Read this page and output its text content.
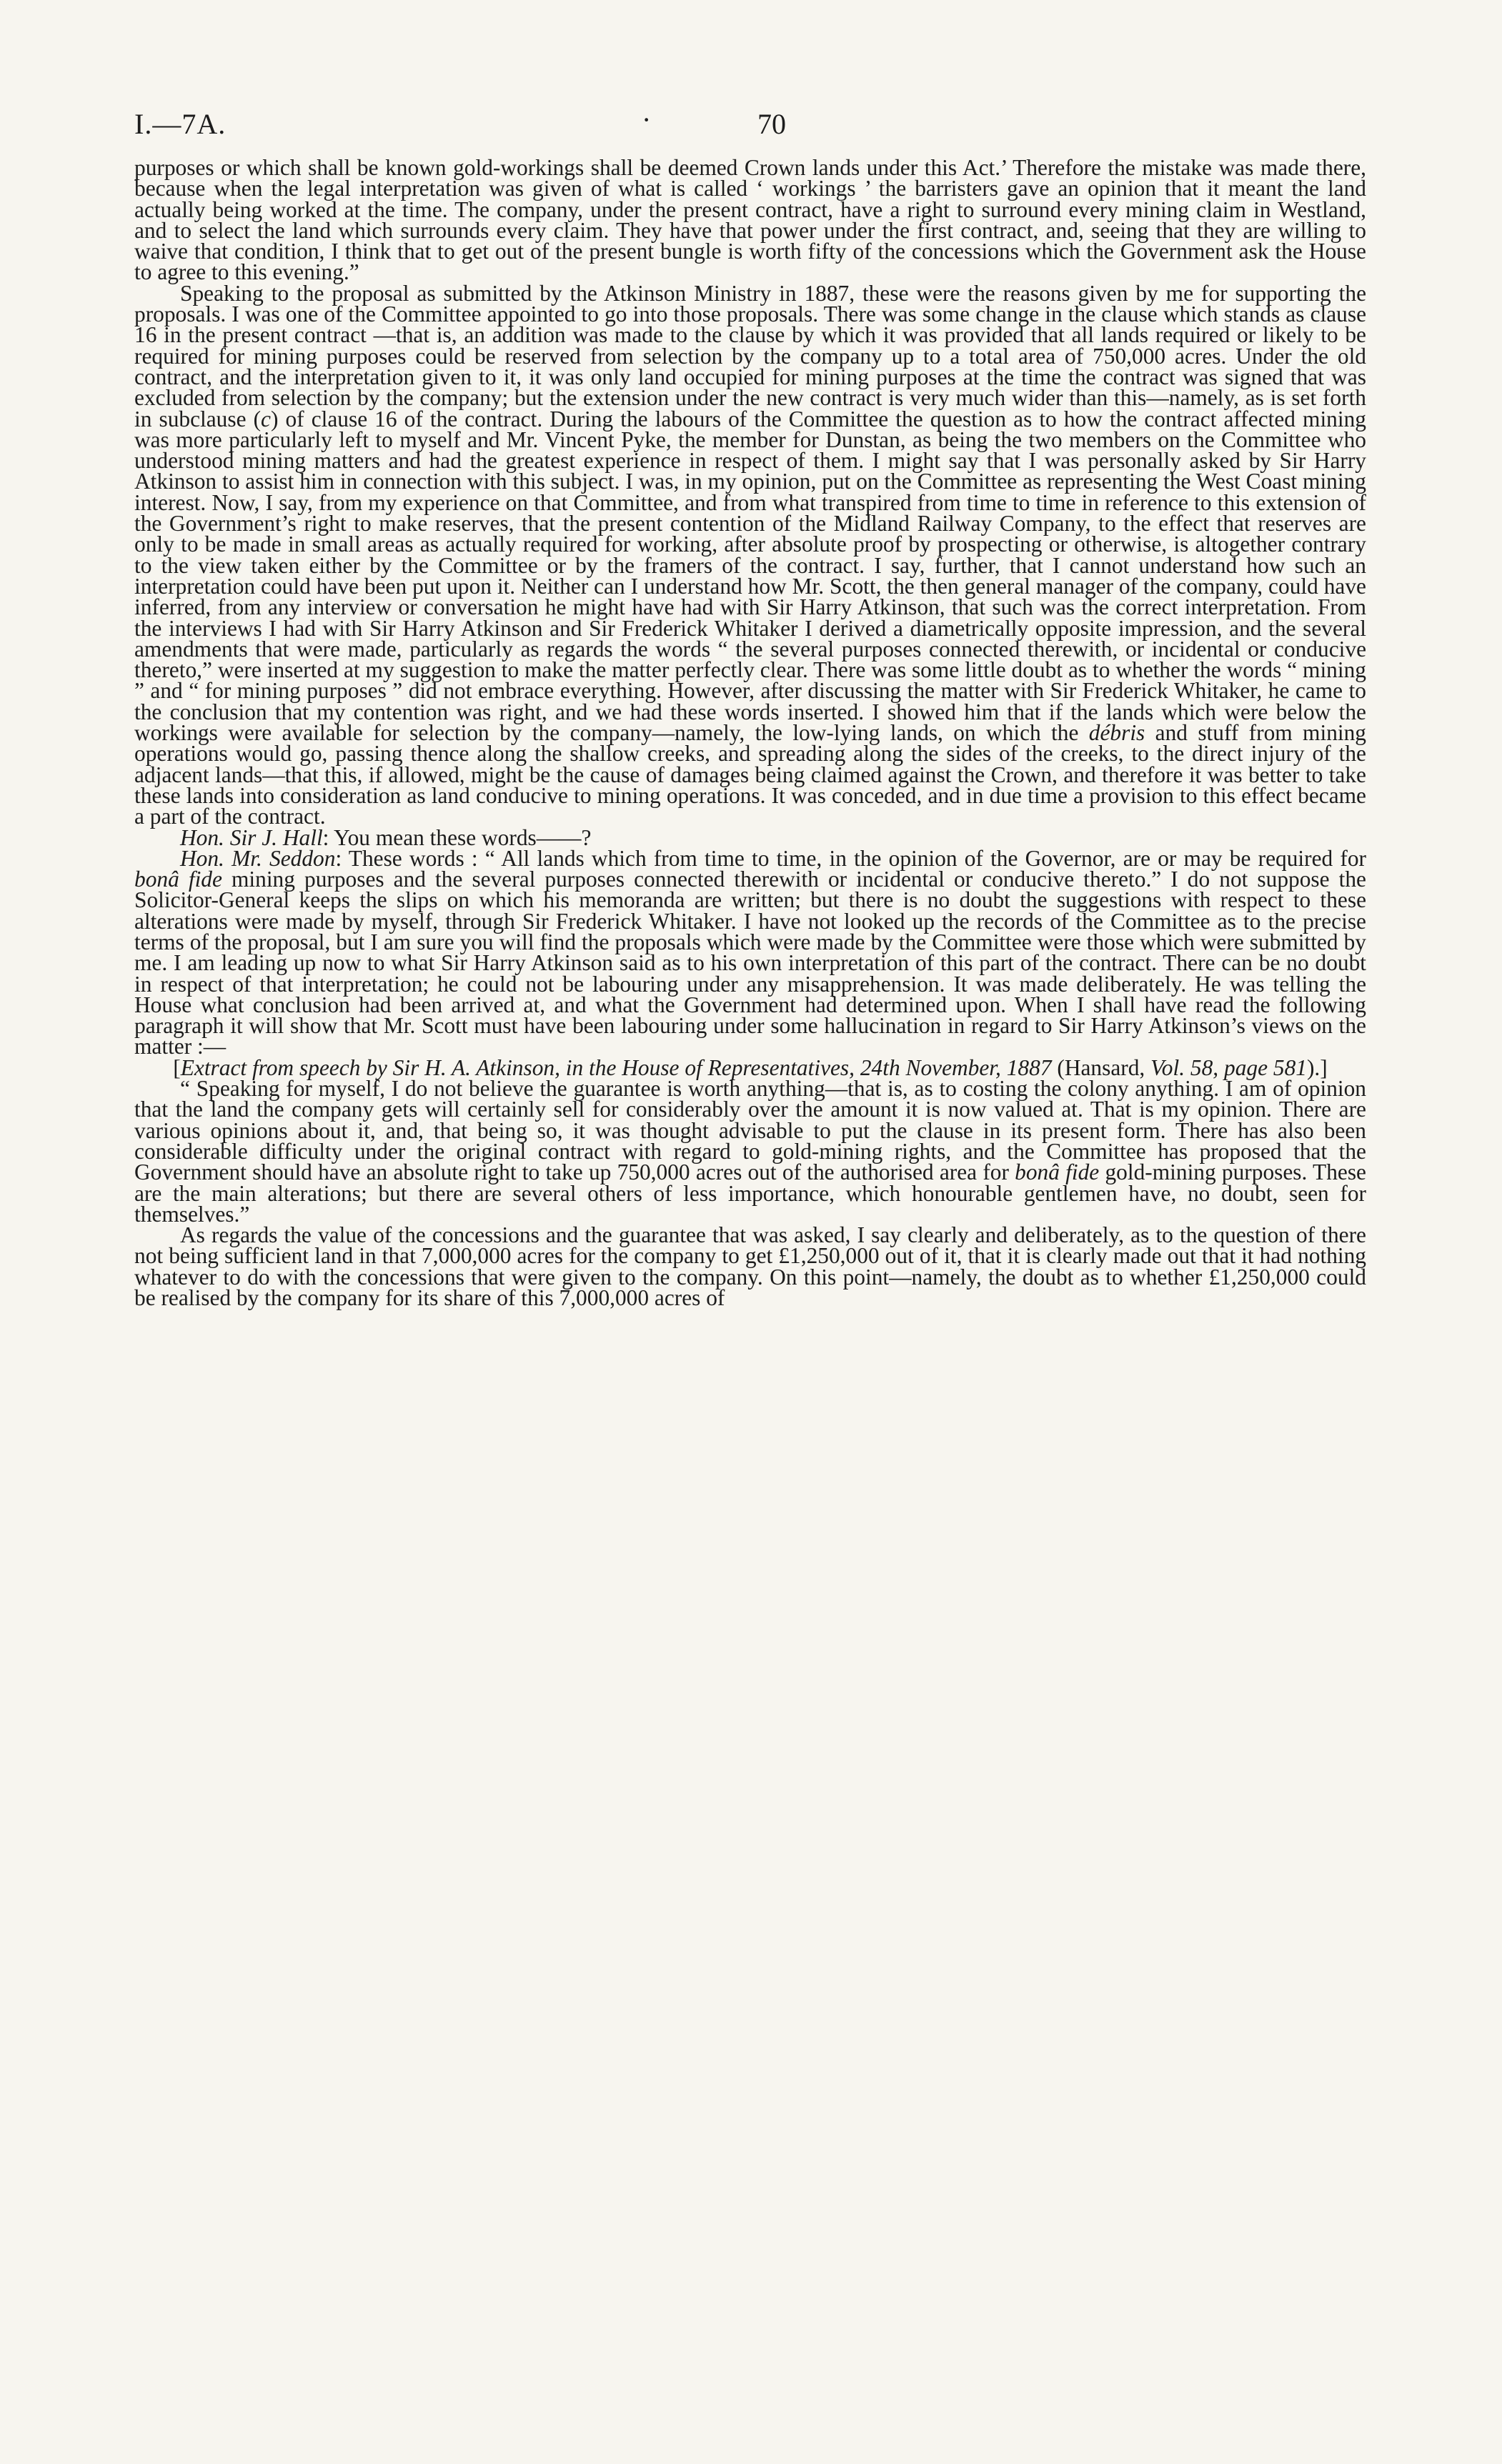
I.—7A.	·	70

purposes or which shall be known gold-workings shall be deemed Crown lands under this Act.’ Therefore the mistake was made there, because when the legal interpretation was given of what is called ‘ workings ’ the barristers gave an opinion that it meant the land actually being worked at the time. The company, under the present contract, have a right to surround every mining claim in Westland, and to select the land which surrounds every claim. They have that power under the first contract, and, seeing that they are willing to waive that condition, I think that to get out of the present bungle is worth fifty of the concessions which the Government ask the House to agree to this evening.”

Speaking to the proposal as submitted by the Atkinson Ministry in 1887, these were the reasons given by me for supporting the proposals. I was one of the Committee appointed to go into those proposals. There was some change in the clause which stands as clause 16 in the present contract —that is, an addition was made to the clause by which it was provided that all lands required or likely to be required for mining purposes could be reserved from selection by the company up to a total area of 750,000 acres. Under the old contract, and the interpretation given to it, it was only land occupied for mining purposes at the time the contract was signed that was excluded from selection by the company; but the extension under the new contract is very much wider than this—namely, as is set forth in subclause (c) of clause 16 of the contract. During the labours of the Committee the question as to how the contract affected mining was more particularly left to myself and Mr. Vincent Pyke, the member for Dunstan, as being the two members on the Committee who understood mining matters and had the greatest experience in respect of them. I might say that I was personally asked by Sir Harry Atkinson to assist him in connection with this subject. I was, in my opinion, put on the Committee as representing the West Coast mining interest. Now, I say, from my experience on that Committee, and from what transpired from time to time in reference to this extension of the Government’s right to make reserves, that the present contention of the Midland Railway Company, to the effect that reserves are only to be made in small areas as actually required for working, after absolute proof by prospecting or otherwise, is altogether contrary to the view taken either by the Committee or by the framers of the contract. I say, further, that I cannot understand how such an interpretation could have been put upon it. Neither can I understand how Mr. Scott, the then general manager of the company, could have inferred, from any interview or conversation he might have had with Sir Harry Atkinson, that such was the correct interpretation. From the interviews I had with Sir Harry Atkinson and Sir Frederick Whitaker I derived a diametrically opposite impression, and the several amendments that were made, particularly as regards the words “ the several purposes connected therewith, or incidental or conducive thereto,” were inserted at my suggestion to make the matter perfectly clear. There was some little doubt as to whether the words “ mining ” and “ for mining purposes ” did not embrace everything. However, after discussing the matter with Sir Frederick Whitaker, he came to the conclusion that my contention was right, and we had these words inserted. I showed him that if the lands which were below the workings were available for selection by the company—namely, the low-lying lands, on which the débris and stuff from mining operations would go, passing thence along the shallow creeks, and spreading along the sides of the creeks, to the direct injury of the adjacent lands—that this, if allowed, might be the cause of damages being claimed against the Crown, and therefore it was better to take these lands into consideration as land conducive to mining operations. It was conceded, and in due time a provision to this effect became a part of the contract.

Hon. Sir J. Hall: You mean these words——?

Hon. Mr. Seddon: These words : “ All lands which from time to time, in the opinion of the Governor, are or may be required for bonâ fide mining purposes and the several purposes connected therewith or incidental or conducive thereto.” I do not suppose the Solicitor-General keeps the slips on which his memoranda are written; but there is no doubt the suggestions with respect to these alterations were made by myself, through Sir Frederick Whitaker. I have not looked up the records of the Committee as to the precise terms of the proposal, but I am sure you will find the proposals which were made by the Committee were those which were submitted by me. I am leading up now to what Sir Harry Atkinson said as to his own interpretation of this part of the contract. There can be no doubt in respect of that interpretation; he could not be labouring under any misapprehension. It was made deliberately. He was telling the House what conclusion had been arrived at, and what the Government had determined upon. When I shall have read the following paragraph it will show that Mr. Scott must have been labouring under some hallucination in regard to Sir Harry Atkinson’s views on the matter :—

[Extract from speech by Sir H. A. Atkinson, in the House of Representatives, 24th November, 1887 (Hansard, Vol. 58, page 581).]

“ Speaking for myself, I do not believe the guarantee is worth anything—that is, as to costing the colony anything. I am of opinion that the land the company gets will certainly sell for considerably over the amount it is now valued at. That is my opinion. There are various opinions about it, and, that being so, it was thought advisable to put the clause in its present form. There has also been considerable difficulty under the original contract with regard to gold-mining rights, and the Committee has proposed that the Government should have an absolute right to take up 750,000 acres out of the authorised area for bonâ fide gold-mining purposes. These are the main alterations; but there are several others of less importance, which honourable gentlemen have, no doubt, seen for themselves.”

As regards the value of the concessions and the guarantee that was asked, I say clearly and deliberately, as to the question of there not being sufficient land in that 7,000,000 acres for the company to get £1,250,000 out of it, that it is clearly made out that it had nothing whatever to do with the concessions that were given to the company. On this point—namely, the doubt as to whether £1,250,000 could be realised by the company for its share of this 7,000,000 acres of
